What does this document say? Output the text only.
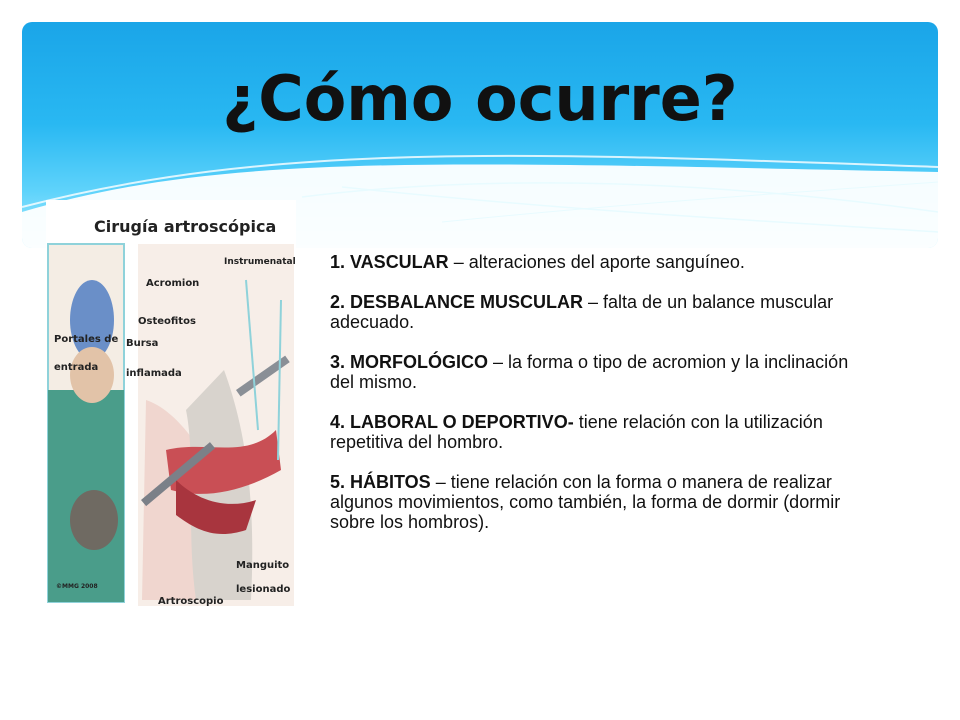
¿Cómo ocurre?
Cirugía artroscópica
Portales de
entrada
Instrumenatal
Acromion
Osteofitos
Bursa
inflamada
Manguito
lesionado
Artroscopio
©MMG 2008
1. VASCULAR – alteraciones del aporte sanguíneo.
2. DESBALANCE MUSCULAR – falta de un balance muscular adecuado.
3. MORFOLÓGICO – la forma o tipo de acromion y la inclinación del mismo.
4. LABORAL O DEPORTIVO- tiene relación con la utilización repetitiva del hombro.
5. HÁBITOS – tiene relación con la forma o manera de realizar algunos movimientos, como también, la forma de dormir (dormir sobre los hombros).
